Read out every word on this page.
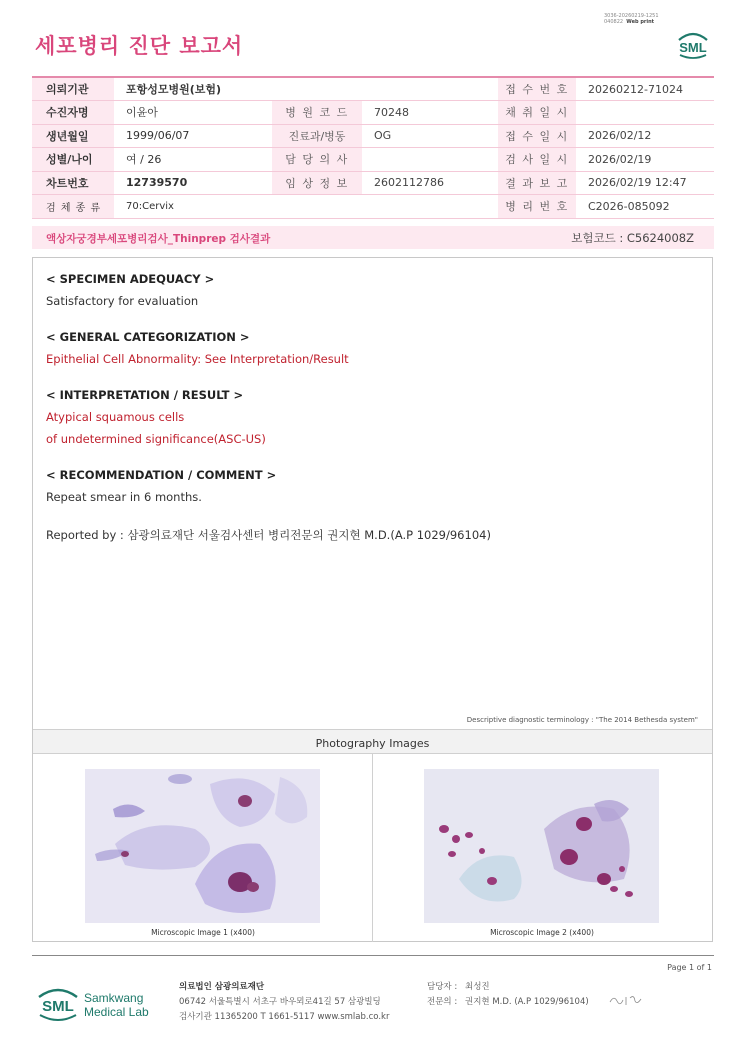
세포병리 진단 보고서
3036-20260219-1251
040822 Web print
SML
의뢰기관	포항성모병원(보험)			접 수 번 호	20260212-71024
수진자명	이윤아	병 원 코 드	70248	채 취 일 시	
생년월일	1999/06/07	진료과/병동	OG	접 수 일 시	2026/02/12
성별/나이	여 / 26	담 당 의 사		검 사 일 시	2026/02/19
차트번호	12739570	임 상 정 보	2602112786	결 과 보 고	2026/02/19 12:47
검 체 종 류	70:Cervix			병 리 번 호	C2026-085092
액상자궁경부세포병리검사_Thinprep 검사결과	보험코드 : C5624008Z
< SPECIMEN ADEQUACY >
Satisfactory for evaluation
< GENERAL CATEGORIZATION >
Epithelial Cell Abnormality: See Interpretation/Result
< INTERPRETATION / RESULT >
Atypical squamous cells
of undetermined significance(ASC-US)
< RECOMMENDATION / COMMENT >
Repeat smear in 6 months.
Reported by : 삼광의료재단 서울검사센터 병리전문의 권지현 M.D.(A.P 1029/96104)
Descriptive diagnostic terminology : "The 2014 Bethesda system"
Photography Images
Microscopic Image 1 (x400)	Microscopic Image 2 (x400)
Page 1 of 1
SML Samkwang
Medical Lab
의료법인 삼광의료재단
06742 서울특별시 서초구 바우뫼로41길 57 삼광빌딩
검사기관 11365200 T 1661-5117 www.smlab.co.kr
담당자 : 최성진
전문의 : 권지현 M.D. (A.P 1029/96104)
